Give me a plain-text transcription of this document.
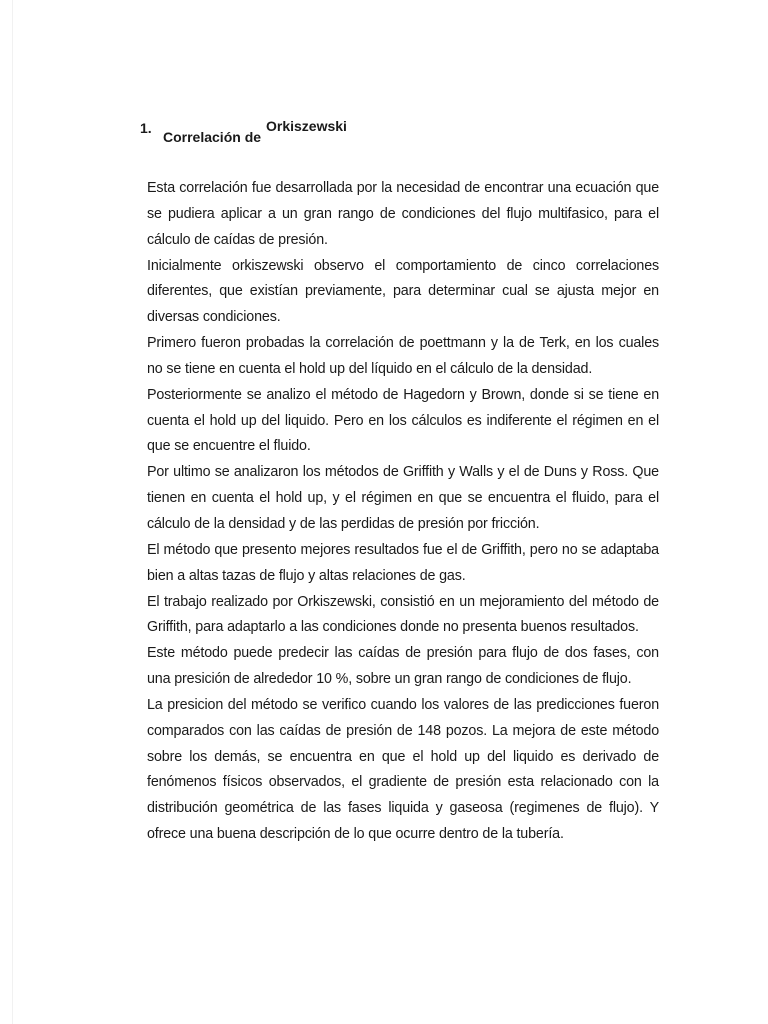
1.
Correlación de
Orkiszewski

Esta correlación fue desarrollada por la necesidad de encontrar una ecuación que se pudiera aplicar a un gran rango de condiciones del flujo multifasico, para el cálculo de caídas de presión.

Inicialmente orkiszewski observo el comportamiento de cinco correlaciones diferentes, que existían previamente, para determinar cual se ajusta mejor en diversas condiciones.

Primero fueron probadas la correlación de poettmann y la de Terk, en los cuales no se tiene en cuenta el hold up del líquido en el cálculo de la densidad.

Posteriormente se analizo el método de Hagedorn y Brown, donde si se tiene en cuenta el hold up del liquido. Pero en los cálculos es indiferente el régimen en el que se encuentre el fluido.

Por ultimo se analizaron los métodos de Griffith y Walls y el de Duns y Ross. Que tienen en cuenta el hold up, y el régimen en que se encuentra el fluido, para el cálculo de la densidad y de las perdidas de presión por fricción.

El método que presento mejores resultados fue el de Griffith, pero no se adaptaba bien a altas tazas de flujo y altas relaciones de gas.

El trabajo realizado por Orkiszewski, consistió en un mejoramiento del método de Griffith, para adaptarlo a las condiciones donde no presenta buenos resultados.

Este método puede predecir las caídas de presión para flujo de dos fases, con una presición de alrededor 10 %, sobre un gran rango de condiciones de flujo.

La presicion del método se verifico cuando los valores de las predicciones fueron comparados con las caídas de presión de 148 pozos. La mejora de este método sobre los demás, se encuentra en que el hold up del liquido es derivado de fenómenos físicos observados, el gradiente de presión esta relacionado con la distribución geométrica de las fases liquida y gaseosa (regimenes de flujo). Y ofrece una buena descripción de lo que ocurre dentro de la tubería.
